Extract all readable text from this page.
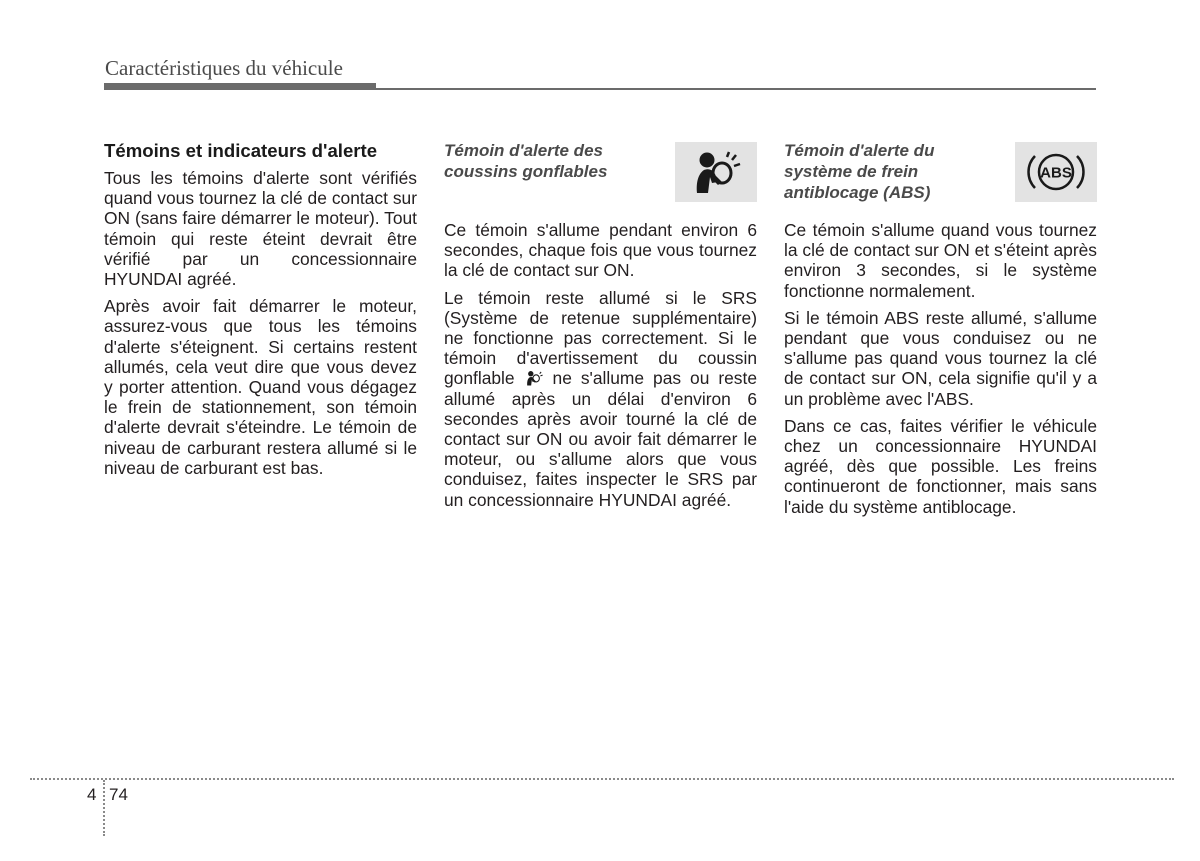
Caractéristiques du véhicule
Témoins et indicateurs d'alerte

Tous les témoins d'alerte sont vérifiés quand vous tournez la clé de contact sur ON (sans faire démarrer le moteur). Tout témoin qui reste éteint devrait être vérifié par un concessionnaire HYUNDAI agréé.

Après avoir fait démarrer le moteur, assurez-vous que tous les témoins d'alerte s'éteignent. Si certains restent allumés, cela veut dire que vous devez y porter attention. Quand vous dégagez le frein de stationnement, son témoin d'alerte devrait s'éteindre. Le témoin de niveau de carburant restera allumé si le niveau de carburant est bas.

Témoin d'alerte des coussins gonflables

Ce témoin s'allume pendant environ 6 secondes, chaque fois que vous tournez la clé de contact sur ON.

Le témoin reste allumé si le SRS (Système de retenue supplémentaire) ne fonctionne pas correctement. Si le témoin d'avertissement du coussin gonflable ne s'allume pas ou reste allumé après un délai d'environ 6 secondes après avoir tourné la clé de contact sur ON ou avoir fait démarrer le moteur, ou s'allume alors que vous conduisez, faites inspecter le SRS par un concessionnaire HYUNDAI agréé.

Témoin d'alerte du système de frein antiblocage (ABS)
ABS

Ce témoin s'allume quand vous tournez la clé de contact sur ON et s'éteint après environ 3 secondes, si le système fonctionne normalement.

Si le témoin ABS reste allumé, s'allume pendant que vous conduisez ou ne s'allume pas quand vous tournez la clé de contact sur ON, cela signifie qu'il y a un problème avec l'ABS.

Dans ce cas, faites vérifier le véhicule chez un concessionnaire HYUNDAI agréé, dès que possible. Les freins continueront de fonctionner, mais sans l'aide du système antiblocage.

4 74
